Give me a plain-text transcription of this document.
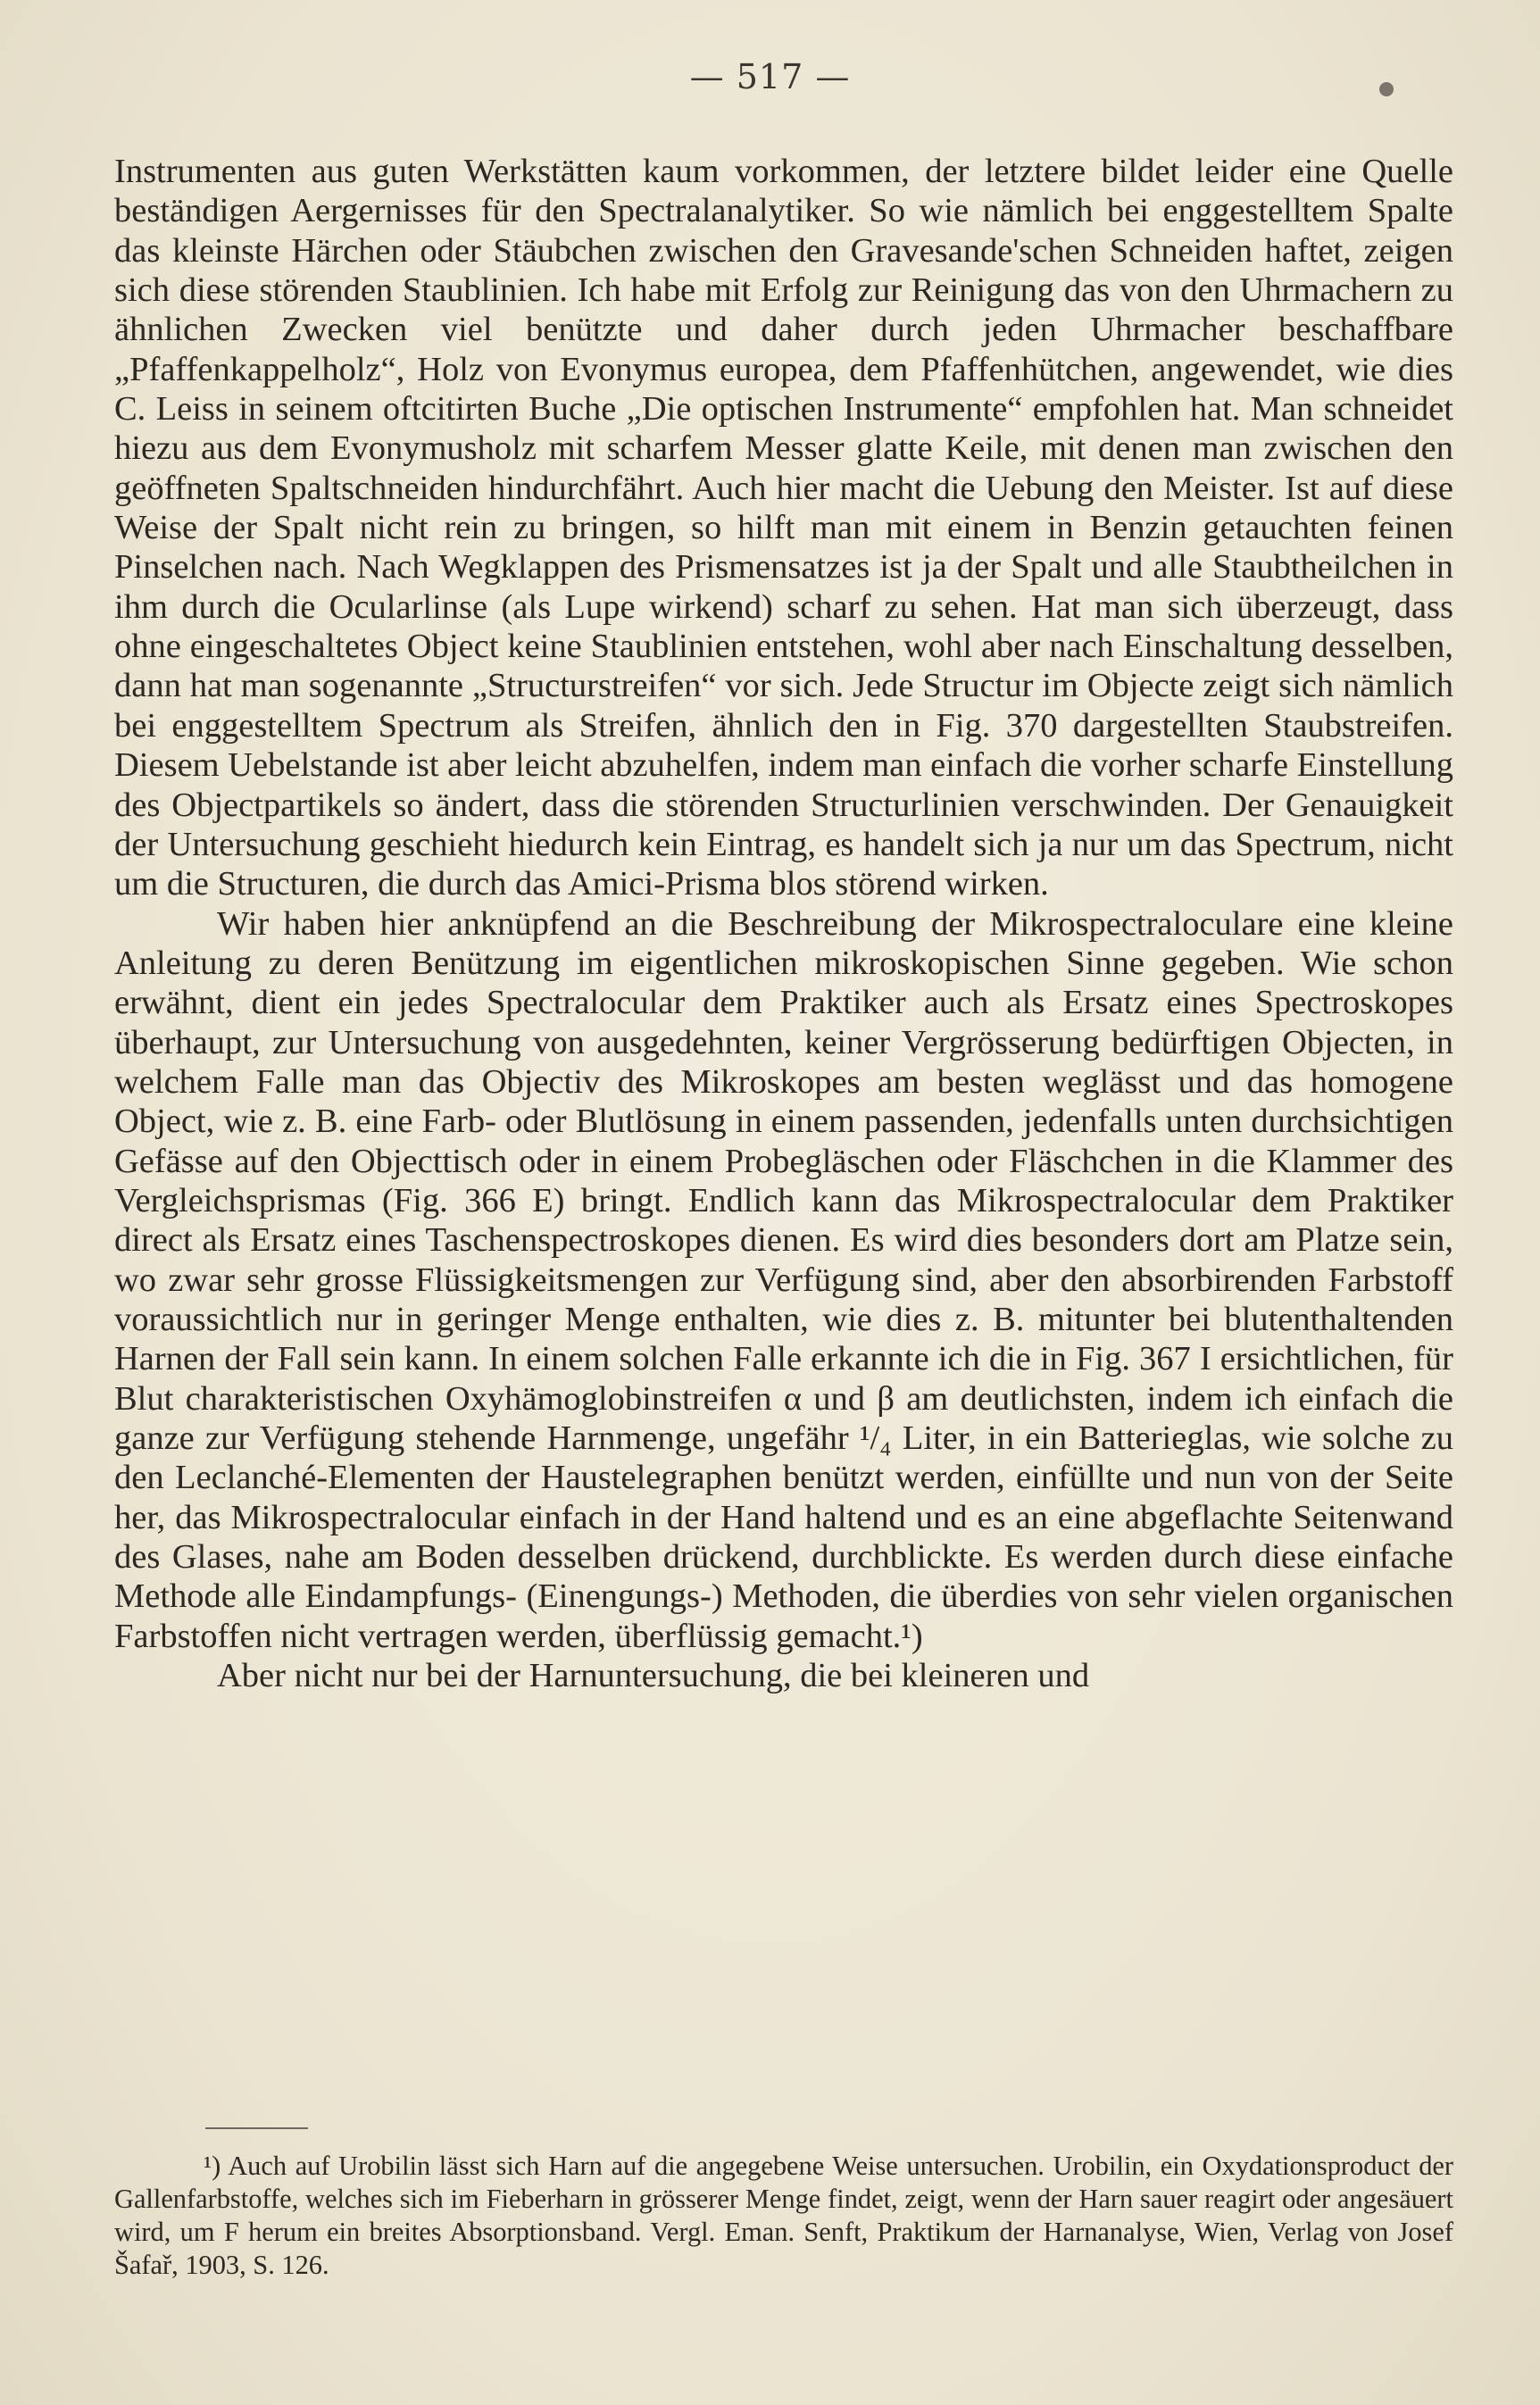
— 517 —

Instrumenten aus guten Werkstätten kaum vorkommen, der letztere bildet leider eine Quelle beständigen Aergernisses für den Spectralanalytiker. So wie nämlich bei enggestelltem Spalte das kleinste Härchen oder Stäubchen zwischen den Gravesande'schen Schneiden haftet, zeigen sich diese störenden Staublinien. Ich habe mit Erfolg zur Reinigung das von den Uhrmachern zu ähnlichen Zwecken viel benützte und daher durch jeden Uhrmacher beschaffbare „Pfaffenkappelholz“, Holz von Evonymus europea, dem Pfaffenhütchen, angewendet, wie dies C. Leiss in seinem oftcitirten Buche „Die optischen Instrumente“ empfohlen hat. Man schneidet hiezu aus dem Evonymusholz mit scharfem Messer glatte Keile, mit denen man zwischen den geöffneten Spaltschneiden hindurchfährt. Auch hier macht die Uebung den Meister. Ist auf diese Weise der Spalt nicht rein zu bringen, so hilft man mit einem in Benzin getauchten feinen Pinselchen nach. Nach Wegklappen des Prismensatzes ist ja der Spalt und alle Staubtheilchen in ihm durch die Ocularlinse (als Lupe wirkend) scharf zu sehen. Hat man sich überzeugt, dass ohne eingeschaltetes Object keine Staublinien entstehen, wohl aber nach Einschaltung desselben, dann hat man sogenannte „Structurstreifen“ vor sich. Jede Structur im Objecte zeigt sich nämlich bei enggestelltem Spectrum als Streifen, ähnlich den in Fig. 370 dargestellten Staubstreifen. Diesem Uebelstande ist aber leicht abzuhelfen, indem man einfach die vorher scharfe Einstellung des Objectpartikels so ändert, dass die störenden Structurlinien verschwinden. Der Genauigkeit der Untersuchung geschieht hiedurch kein Eintrag, es handelt sich ja nur um das Spectrum, nicht um die Structuren, die durch das Amici-Prisma blos störend wirken.

Wir haben hier anknüpfend an die Beschreibung der Mikrospectraloculare eine kleine Anleitung zu deren Benützung im eigentlichen mikroskopischen Sinne gegeben. Wie schon erwähnt, dient ein jedes Spectralocular dem Praktiker auch als Ersatz eines Spectroskopes überhaupt, zur Untersuchung von ausgedehnten, keiner Vergrösserung bedürftigen Objecten, in welchem Falle man das Objectiv des Mikroskopes am besten weglässt und das homogene Object, wie z. B. eine Farb- oder Blutlösung in einem passenden, jedenfalls unten durchsichtigen Gefässe auf den Objecttisch oder in einem Probegläschen oder Fläschchen in die Klammer des Vergleichsprismas (Fig. 366 E) bringt. Endlich kann das Mikrospectralocular dem Praktiker direct als Ersatz eines Taschenspectroskopes dienen. Es wird dies besonders dort am Platze sein, wo zwar sehr grosse Flüssigkeitsmengen zur Verfügung sind, aber den absorbirenden Farbstoff voraussichtlich nur in geringer Menge enthalten, wie dies z. B. mitunter bei blutenthaltenden Harnen der Fall sein kann. In einem solchen Falle erkannte ich die in Fig. 367 I ersichtlichen, für Blut charakteristischen Oxyhämoglobinstreifen α und β am deutlichsten, indem ich einfach die ganze zur Verfügung stehende Harnmenge, ungefähr ¹/₄ Liter, in ein Batterieglas, wie solche zu den Leclanché-Elementen der Haustelegraphen benützt werden, einfüllte und nun von der Seite her, das Mikrospectralocular einfach in der Hand haltend und es an eine abgeflachte Seitenwand des Glases, nahe am Boden desselben drückend, durchblickte. Es werden durch diese einfache Methode alle Eindampfungs- (Einengungs-) Methoden, die überdies von sehr vielen organischen Farbstoffen nicht vertragen werden, überflüssig gemacht.¹)

Aber nicht nur bei der Harnuntersuchung, die bei kleineren und

¹) Auch auf Urobilin lässt sich Harn auf die angegebene Weise untersuchen. Urobilin, ein Oxydationsproduct der Gallenfarbstoffe, welches sich im Fieberharn in grösserer Menge findet, zeigt, wenn der Harn sauer reagirt oder angesäuert wird, um F herum ein breites Absorptionsband. Vergl. Eman. Senft, Praktikum der Harnanalyse, Wien, Verlag von Josef Šafař, 1903, S. 126.
